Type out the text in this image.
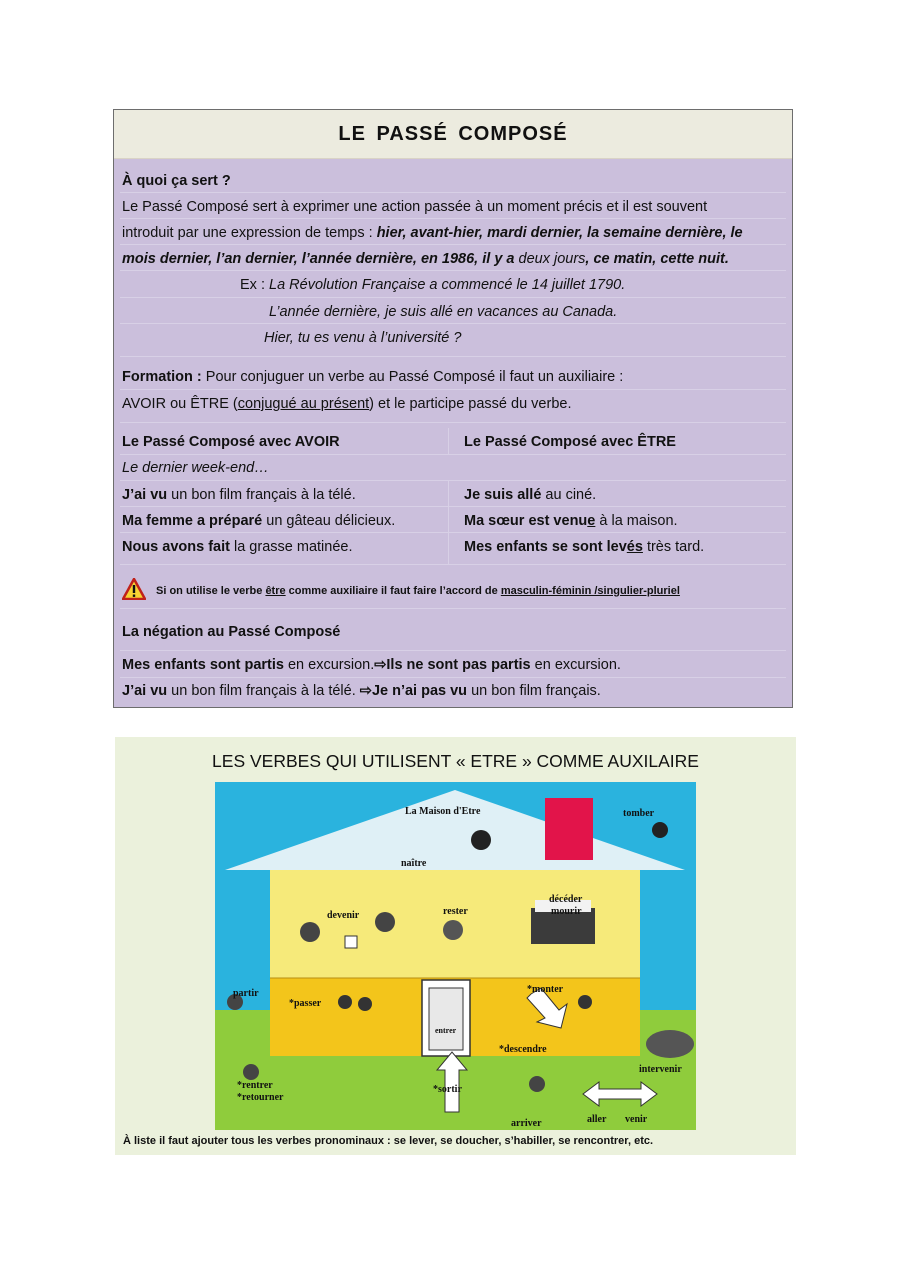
LE PASSÉ COMPOSÉ
À quoi ça sert ?
Le Passé Composé sert à exprimer une action passée à un moment précis et il est souvent
introduit par une expression de temps : hier, avant-hier, mardi dernier, la semaine dernière, le
mois dernier, l’an dernier, l’année dernière, en 1986, il y a deux jours, ce matin, cette nuit.
Ex : La Révolution Française a commencé le 14 juillet 1790.
L’année dernière, je suis allé en vacances au Canada.
Hier, tu es venu à l’université ?
Formation : Pour conjuguer un verbe au Passé Composé il faut un auxiliaire :
AVOIR ou ÊTRE (conjugué au présent) et le participe passé du verbe.
Le Passé Composé avec AVOIR	Le Passé Composé avec ÊTRE
Le dernier week-end…
J’ai vu un bon film français à la télé.	Je suis allé au ciné.
Ma femme a préparé un gâteau délicieux.	Ma sœur est venue à la maison.
Nous avons fait la grasse matinée.	Mes enfants se sont levés très tard.
Si on utilise le verbe être comme auxiliaire il faut faire l’accord de masculin-féminin /singulier-pluriel
La négation au Passé Composé
Mes enfants sont partis en excursion.⇨Ils ne sont pas partis en excursion.
J’ai vu un bon film français à la télé. ⇨Je n’ai pas vu un bon film français.
LES VERBES QUI UTILISENT « ETRE » COMME AUXILAIRE
La Maison d'Etre
naître
tomber
devenir	rester
décéder
mourir
partir
*passer
entrer
*monter
*descendre
intervenir
*rentrer
*retourner
*sortir
arriver	aller venir
À liste il faut ajouter tous les verbes pronominaux : se lever, se doucher, s’habiller, se rencontrer, etc.
